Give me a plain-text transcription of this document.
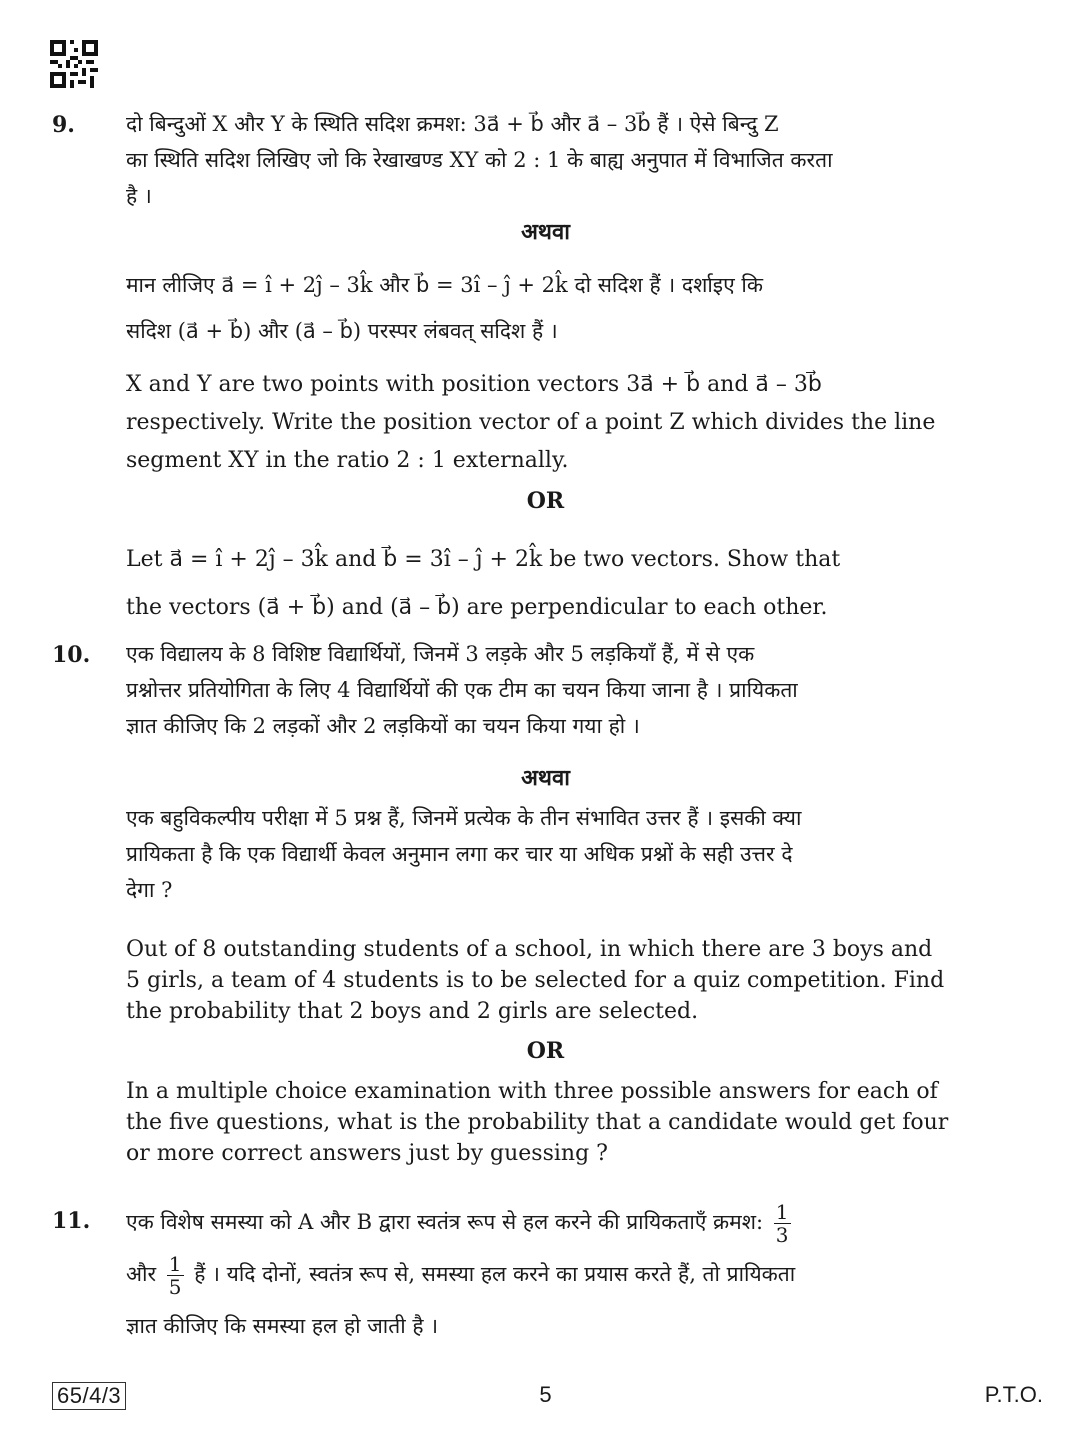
9. दो बिन्दुओं X और Y के स्थिति सदिश क्रमश: 3a⃗ + b⃗ और a⃗ – 3b⃗ हैं । ऐसे बिन्दु Z
का स्थिति सदिश लिखिए जो कि रेखाखण्ड XY को 2 : 1 के बाह्य अनुपात में विभाजित करता
है ।
अथवा
मान लीजिए a⃗ = î + 2ĵ – 3k̂ और b⃗ = 3î – ĵ + 2k̂ दो सदिश हैं । दर्शाइए कि
सदिश (a⃗ + b⃗) और (a⃗ – b⃗) परस्पर लंबवत् सदिश हैं ।
X and Y are two points with position vectors 3a⃗ + b⃗ and a⃗ – 3b⃗
respectively. Write the position vector of a point Z which divides the line
segment XY in the ratio 2 : 1 externally.
OR
Let a⃗ = î + 2ĵ – 3k̂ and b⃗ = 3î – ĵ + 2k̂ be two vectors. Show that
the vectors (a⃗ + b⃗) and (a⃗ – b⃗) are perpendicular to each other.
10. एक विद्यालय के 8 विशिष्ट विद्यार्थियों, जिनमें 3 लड़के और 5 लड़कियाँ हैं, में से एक
प्रश्नोत्तर प्रतियोगिता के लिए 4 विद्यार्थियों की एक टीम का चयन किया जाना है । प्रायिकता
ज्ञात कीजिए कि 2 लड़कों और 2 लड़कियों का चयन किया गया हो ।
अथवा
एक बहुविकल्पीय परीक्षा में 5 प्रश्न हैं, जिनमें प्रत्येक के तीन संभावित उत्तर हैं । इसकी क्या
प्रायिकता है कि एक विद्यार्थी केवल अनुमान लगा कर चार या अधिक प्रश्नों के सही उत्तर दे
देगा ?
Out of 8 outstanding students of a school, in which there are 3 boys and
5 girls, a team of 4 students is to be selected for a quiz competition. Find
the probability that 2 boys and 2 girls are selected.
OR
In a multiple choice examination with three possible answers for each of
the five questions, what is the probability that a candidate would get four
or more correct answers just by guessing ?
11. एक विशेष समस्या को A और B द्वारा स्वतंत्र रूप से हल करने की प्रायिकताएँ क्रमश: $\frac{1}{3}$
और $\frac{1}{5}$ हैं । यदि दोनों, स्वतंत्र रूप से, समस्या हल करने का प्रयास करते हैं, तो प्रायिकता
ज्ञात कीजिए कि समस्या हल हो जाती है ।
65/4/3	5	P.T.O.
